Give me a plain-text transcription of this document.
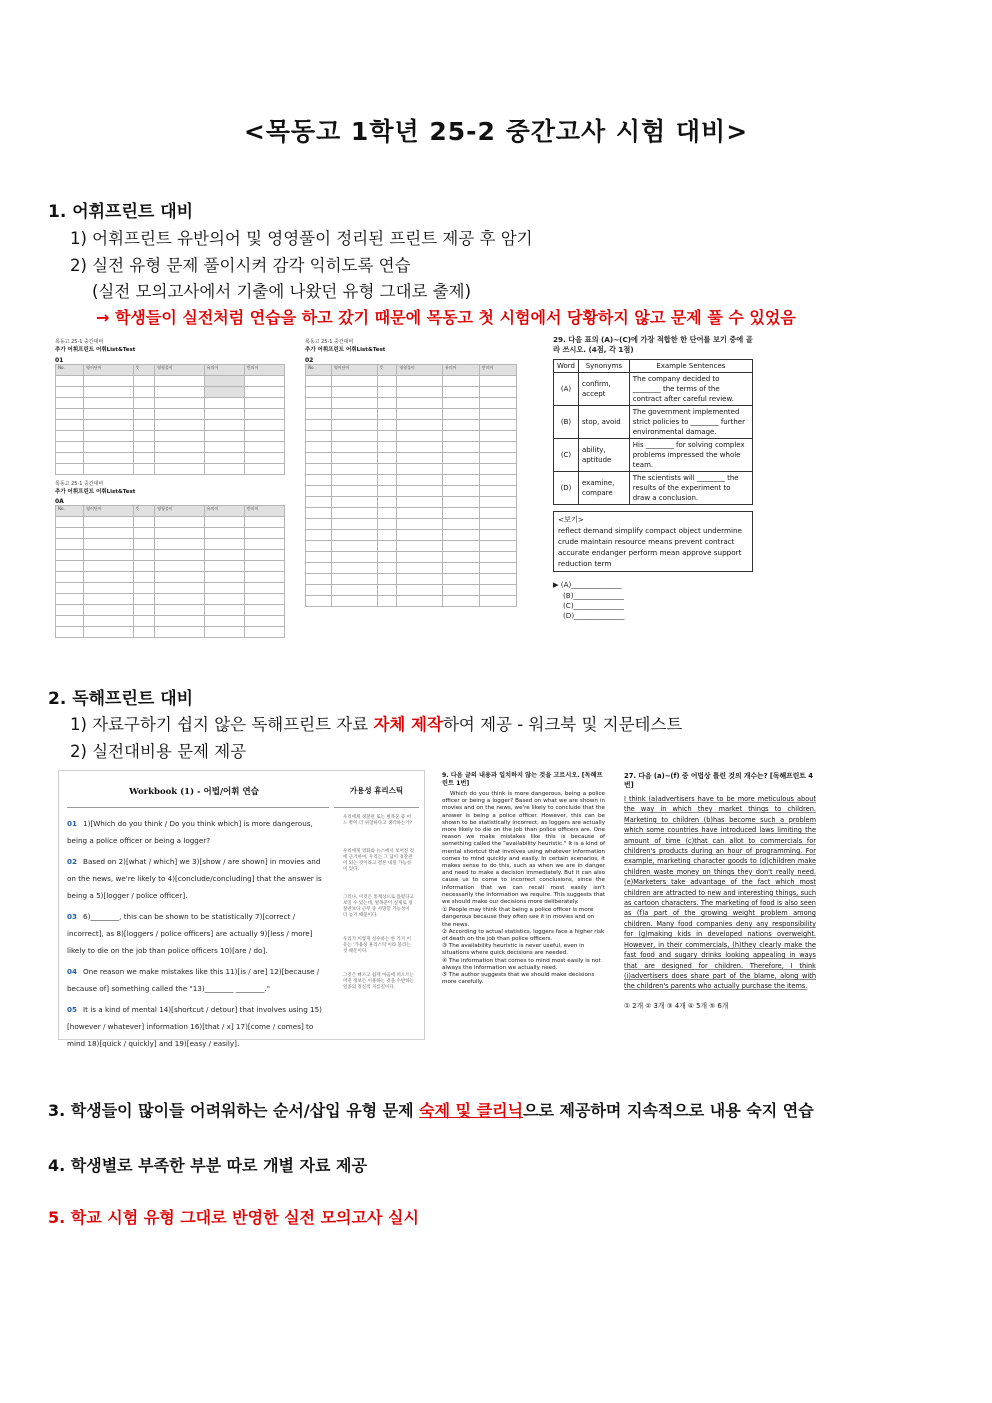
<목동고 1학년 25-2 중간고사 시험 대비>
1. 어휘프린트 대비
1) 어휘프린트 유반의어 및 영영풀이 정리된 프린트 제공 후 암기
2) 실전 유형 문제 풀이시켜 감각 익히도록 연습
(실전 모의고사에서 기출에 나왔던 유형 그대로 출제)
→ 학생들이 실전처럼 연습을 하고 갔기 때문에 목동고 첫 시험에서 당황하지 않고 문제 풀 수 있었음
목동고 25-1 중간대비
추가 어휘프린트 어휘List&Test
01
No.	영어단어	뜻	영영풀이	유의어	반의어

목동고 25-1 중간대비
추가 어휘프린트 어휘List&Test
0A
No.	영어단어	뜻	영영풀이	유의어	반의어

목동고 25-1 중간대비
추가 어휘프린트 어휘List&Test
02
No.	영어단어	뜻	영영풀이	유의어	반의어

29. 다음 표의 (A)~(C)에 가장 적합한 한 단어를 보기 중에 골라 쓰시오. (4점, 각 1점)
Word	Synonyms	Example Sentences
(A)	confirm, accept	The company decided to ________ the terms of the contract after careful review.
(B)	stop, avoid	The government implemented strict policies to ________ further environmental damage.
(C)	ability, aptitude	His ________ for solving complex problems impressed the whole team.
(D)	examine, compare	The scientists will ________ the results of the experiment to draw a conclusion.
<보기>
reflect demand simplify compact object undermine crude maintain resource means prevent contract accurate endanger perform mean approve support reduction term
▶ (A)______________
(B)______________
(C)______________
(D)______________
2. 독해프린트 대비
1) 자료구하기 쉽지 않은 독해프린트 자료 자체 제작하여 제공 - 워크북 및 지문테스트
2) 실전대비용 문제 제공
Workbook (1) - 어법/어휘 연습	가용성 휴리스틱
01 1)[Which do you think / Do you think which] is more dangerous, being a police officer or being a logger?
02 Based on 2)[what / which] we 3)[show / are shown] in movies and on the news, we're likely to 4)[conclude/concluding] that the answer is being a 5)[logger / police officer].
03 6)________, this can be shown to be statistically 7)[correct / incorrect], as 8)[loggers / police officers] are actually 9)[less / more] likely to die on the job than police officers 10)[are / do].
04 One reason we make mistakes like this 11)[is / are] 12)[because / because of] something called the "13)________ ________."
05 It is a kind of mental 14)[shortcut / detour] that involves using 15)[however / whatever] information 16)[that / x] 17)[come / comes] to mind 18)[quick / quickly] and 19)[easy / easily].
우리에게 경찰관 또는 벌목꾼 중 어느 쪽이 더 위험하다고 생각하는가?
우리에게 영화와 뉴스에서 보여진 것에 근거하여, 우리는 그 답이 경찰관이 되는 것이라고 결론 내릴 가능성이 있다.
그러나, 이것은 통계상으로 틀렸다고 보일 수 있는데, 벌목꾼이 실제로 경찰관보다 근무 중 사망할 가능성이 더 높기 때문이다.
우리가 이렇게 실수하는 한 가지 이유는 '가용성 휴리스틱'이라 불리는 것 때문이다.
그것은 빠르고 쉽게 마음에 떠오르는 어떤 정보든 이용하는 것을 수반하는 일종의 정신적 지름길이다.
9. 다음 글의 내용과 일치하지 않는 것을 고르시오. [독해프린트 1번]
Which do you think is more dangerous, being a police officer or being a logger? Based on what we are shown in movies and on the news, we're likely to conclude that the answer is being a police officer. However, this can be shown to be statistically incorrect, as loggers are actually more likely to die on the job than police officers are. One reason we make mistakes like this is because of something called the "availability heuristic." It is a kind of mental shortcut that involves using whatever information comes to mind quickly and easily. In certain scenarios, it makes sense to do this, such as when we are in danger and need to make a decision immediately. But it can also cause us to come to incorrect conclusions, since the information that we can recall most easily isn't necessarily the information we require. This suggests that we should make our decisions more deliberately.
① People may think that being a police officer is more dangerous because they often see it in movies and on the news.
② According to actual statistics, loggers face a higher risk of death on the job than police officers.
③ The availability heuristic is never useful, even in situations where quick decisions are needed.
④ The information that comes to mind most easily is not always the information we actually need.
⑤ The author suggests that we should make decisions more carefully.
27. 다음 (a)~(f) 중 어법상 틀린 것의 개수는? [독해프린트 4번]
I think (a)advertisers have to be more meticulous about the way in which they market things to children. Marketing to children (b)has become such a problem which some countries have introduced laws limiting the amount of time (c)that can allot to commercials for children's products during an hour of programming. For example, marketing character goods to (d)children make children waste money on things they don't really need. (e)Marketers take advantage of the fact which most children are attracted to new and interesting things, such as cartoon characters. The marketing of food is also seen as (f)a part of the growing weight problem among children. Many food companies deny any responsibility for (g)making kids in developed nations overweight. However, in their commercials, (h)they clearly make the fast food and sugary drinks looking appealing in ways that are designed for children. Therefore, I think (i)advertisers does share part of the blame, along with the children's parents who actually purchase the items.
① 2개 ② 3개 ③ 4개 ④ 5개 ⑤ 6개
3. 학생들이 많이들 어려워하는 순서/삽입 유형 문제 숙제 및 클리닉으로 제공하며 지속적으로 내용 숙지 연습
4. 학생별로 부족한 부분 따로 개별 자료 제공
5. 학교 시험 유형 그대로 반영한 실전 모의고사 실시
